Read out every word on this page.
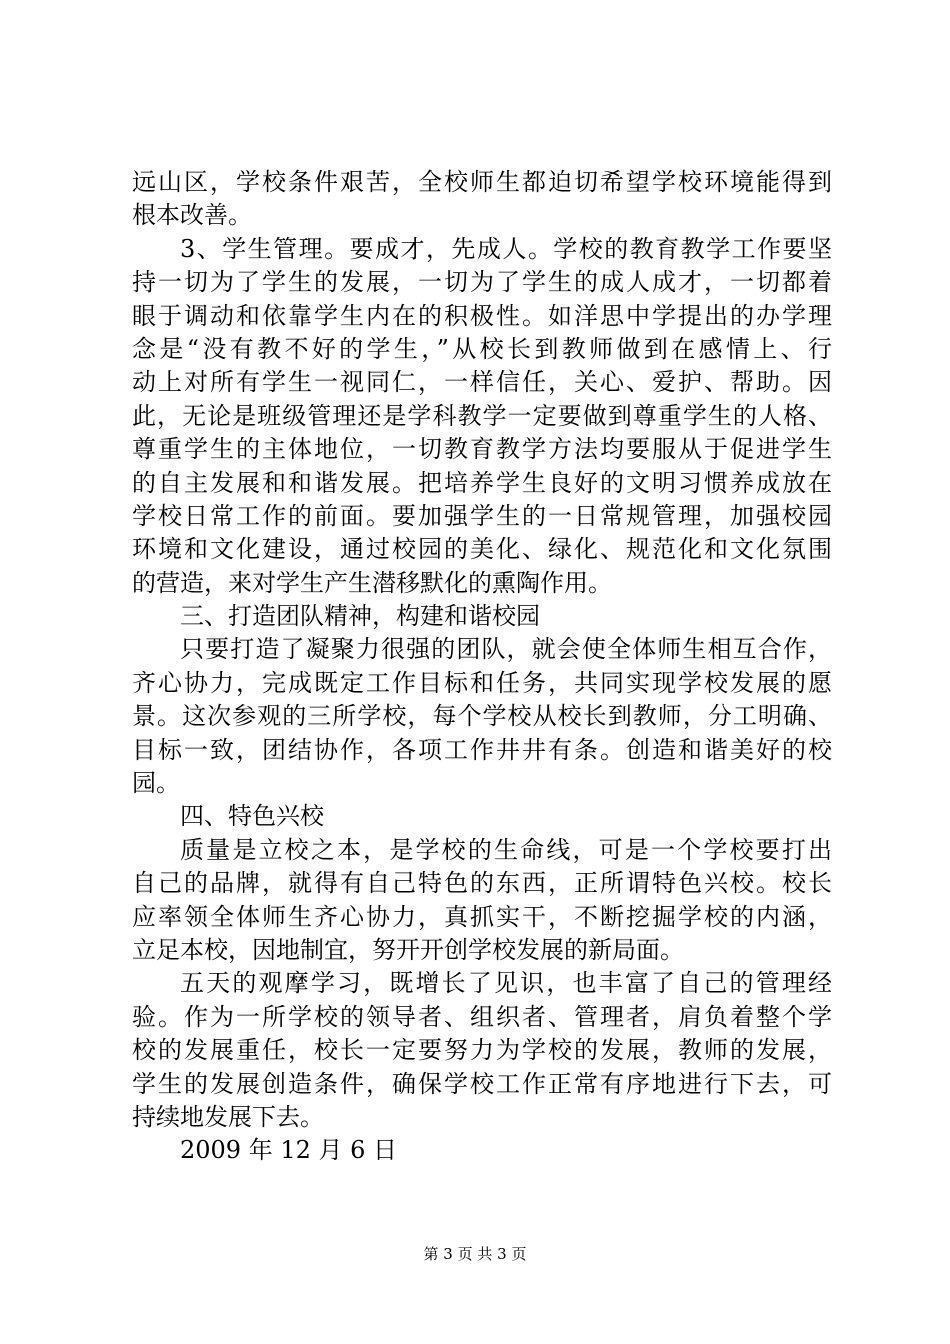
远山区，学校条件艰苦，全校师生都迫切希望学校环境能得到
根本改善。
3、学生管理。要成才，先成人。学校的教育教学工作要坚
持一切为了学生的发展，一切为了学生的成人成才，一切都着
眼于调动和依靠学生内在的积极性。如洋思中学提出的办学理
念是“没有教不好的学生，”从校长到教师做到在感情上、行
动上对所有学生一视同仁，一样信任，关心、爱护、帮助。因
此，无论是班级管理还是学科教学一定要做到尊重学生的人格、
尊重学生的主体地位，一切教育教学方法均要服从于促进学生
的自主发展和和谐发展。把培养学生良好的文明习惯养成放在
学校日常工作的前面。要加强学生的一日常规管理，加强校园
环境和文化建设，通过校园的美化、绿化、规范化和文化氛围
的营造，来对学生产生潜移默化的熏陶作用。
三、打造团队精神，构建和谐校园
只要打造了凝聚力很强的团队，就会使全体师生相互合作，
齐心协力，完成既定工作目标和任务，共同实现学校发展的愿
景。这次参观的三所学校，每个学校从校长到教师，分工明确、
目标一致，团结协作，各项工作井井有条。创造和谐美好的校
园。
四、特色兴校
质量是立校之本，是学校的生命线，可是一个学校要打出
自己的品牌，就得有自己特色的东西，正所谓特色兴校。校长
应率领全体师生齐心协力，真抓实干，不断挖掘学校的内涵，
立足本校，因地制宜，努开开创学校发展的新局面。
五天的观摩学习，既增长了见识，也丰富了自己的管理经
验。作为一所学校的领导者、组织者、管理者，肩负着整个学
校的发展重任，校长一定要努力为学校的发展，教师的发展，
学生的发展创造条件，确保学校工作正常有序地进行下去，可
持续地发展下去。
2009 年 12 月 6 日
第 3 页 共 3 页
